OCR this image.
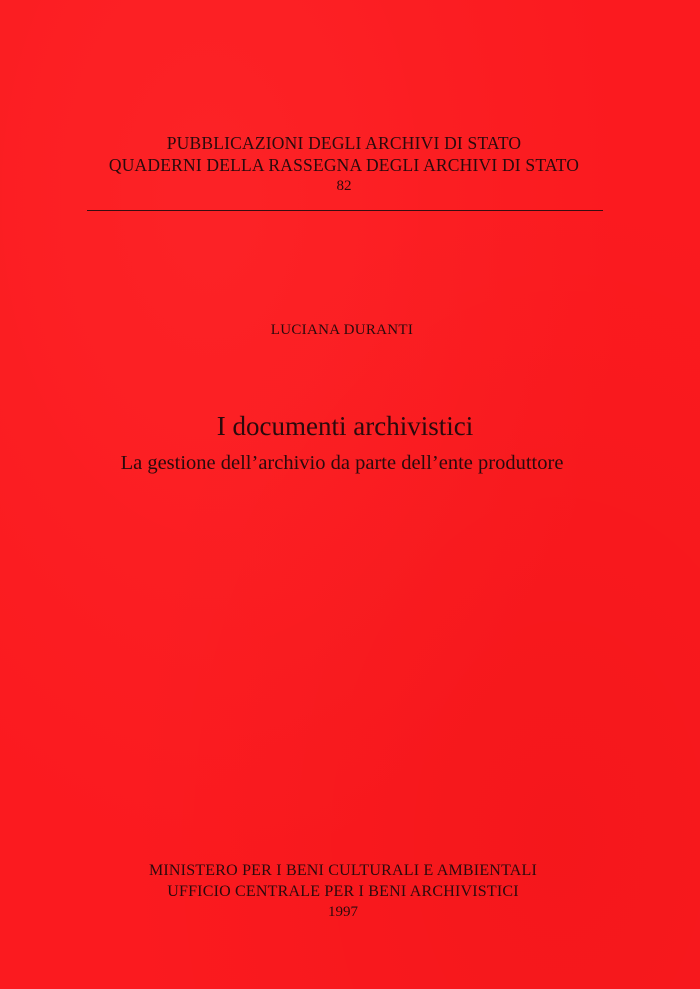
PUBBLICAZIONI DEGLI ARCHIVI DI STATO
QUADERNI DELLA RASSEGNA DEGLI ARCHIVI DI STATO
82
LUCIANA DURANTI
I documenti archivistici
La gestione dell’archivio da parte dell’ente produttore
MINISTERO PER I BENI CULTURALI E AMBIENTALI
UFFICIO CENTRALE PER I BENI ARCHIVISTICI
1997
